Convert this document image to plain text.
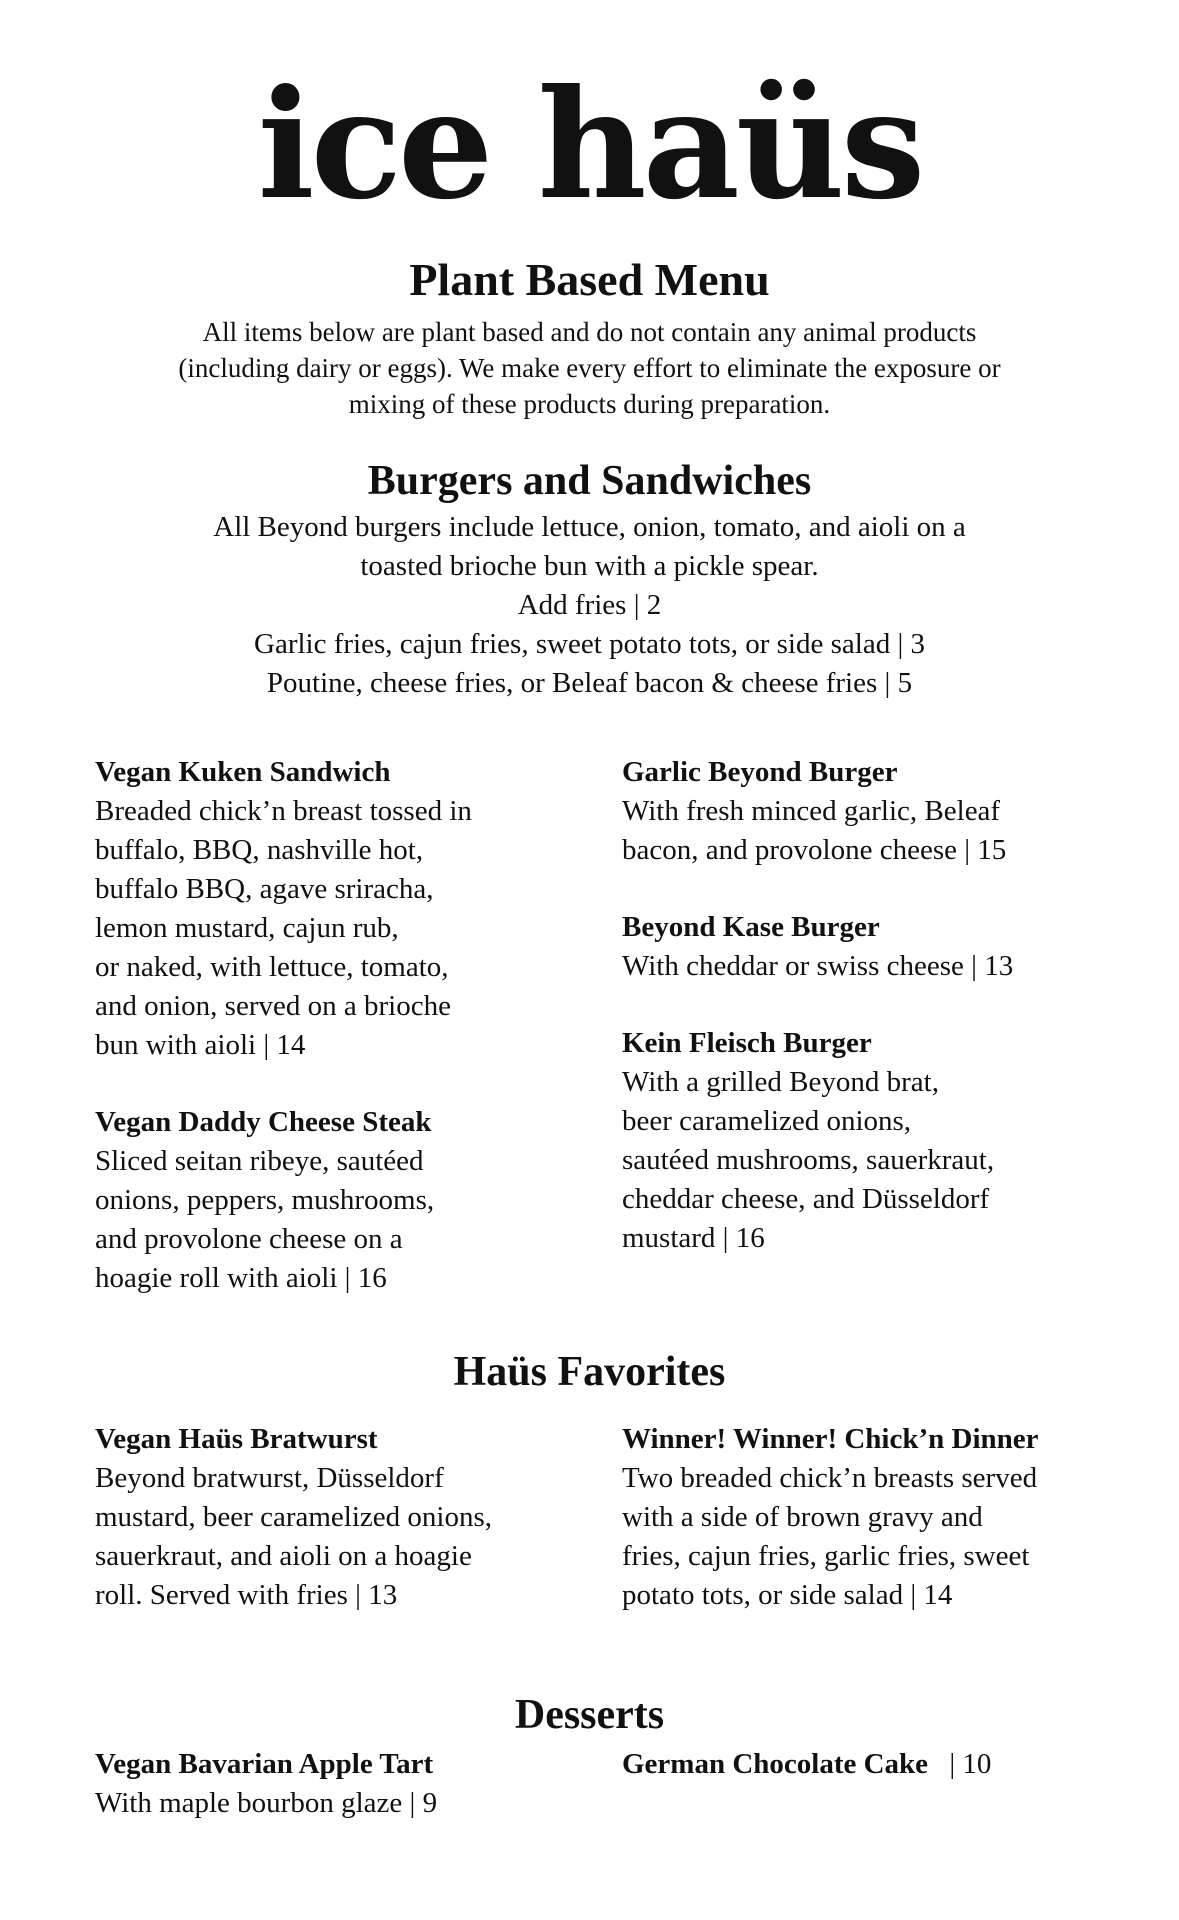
ice haüs
Plant Based Menu
All items below are plant based and do not contain any animal products
(including dairy or eggs). We make every effort to eliminate the exposure or
mixing of these products during preparation.
Burgers and Sandwiches
All Beyond burgers include lettuce, onion, tomato, and aioli on a
toasted brioche bun with a pickle spear.
Add fries | 2
Garlic fries, cajun fries, sweet potato tots, or side salad | 3
Poutine, cheese fries, or Beleaf bacon & cheese fries | 5
Vegan Kuken Sandwich
Breaded chick’n breast tossed in
buffalo, BBQ, nashville hot,
buffalo BBQ, agave sriracha,
lemon mustard, cajun rub,
or naked, with lettuce, tomato,
and onion, served on a brioche
bun with aioli | 14
Vegan Daddy Cheese Steak
Sliced seitan ribeye, sautéed
onions, peppers, mushrooms,
and provolone cheese on a
hoagie roll with aioli | 16
Garlic Beyond Burger
With fresh minced garlic, Beleaf
bacon, and provolone cheese | 15
Beyond Kase Burger
With cheddar or swiss cheese | 13
Kein Fleisch Burger
With a grilled Beyond brat,
beer caramelized onions,
sautéed mushrooms, sauerkraut,
cheddar cheese, and Düsseldorf
mustard | 16
Haüs Favorites
Vegan Haüs Bratwurst
Beyond bratwurst, Düsseldorf
mustard, beer caramelized onions,
sauerkraut, and aioli on a hoagie
roll. Served with fries | 13
Winner! Winner! Chick’n Dinner
Two breaded chick’n breasts served
with a side of brown gravy and
fries, cajun fries, garlic fries, sweet
potato tots, or side salad | 14
Desserts
Vegan Bavarian Apple Tart
With maple bourbon glaze | 9
German Chocolate Cake | 10
